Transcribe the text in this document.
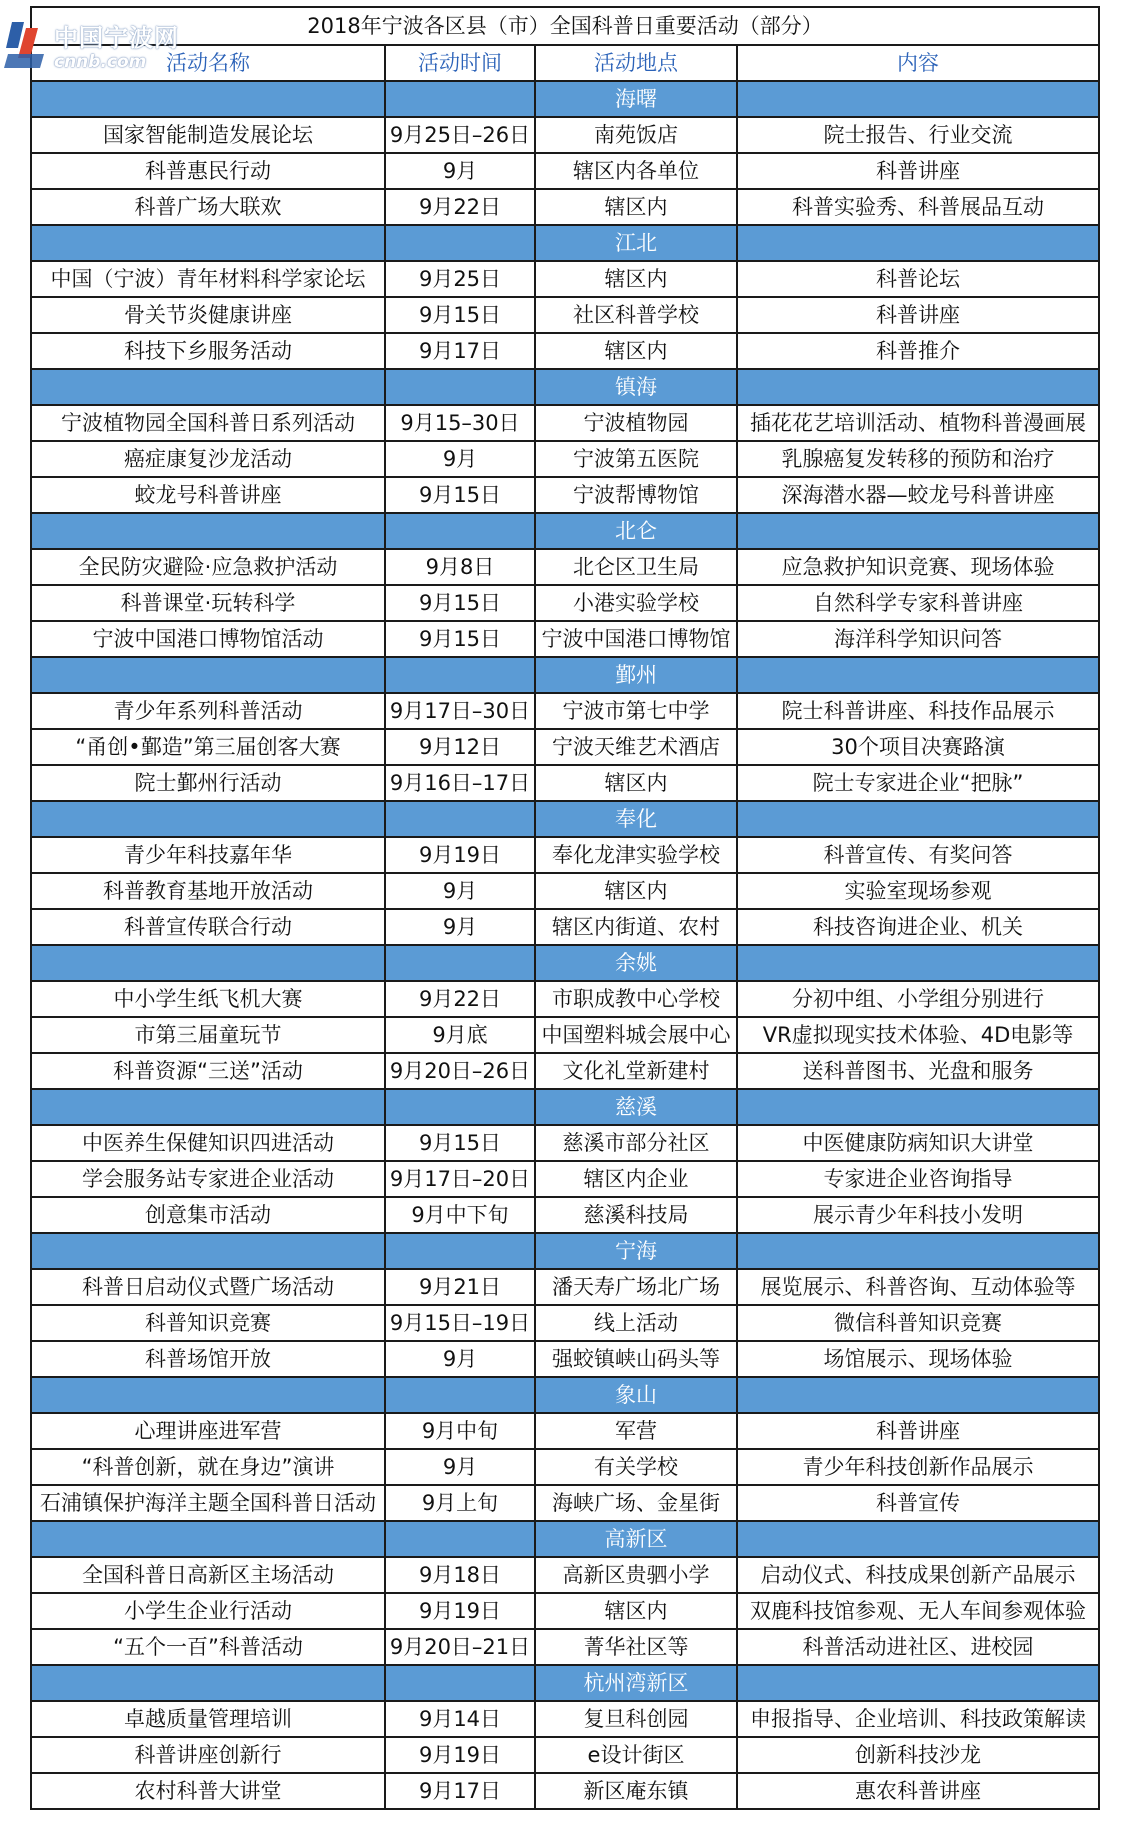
2018年宁波各区县（市）全国科普日重要活动（部分）			
活动名称	活动时间	活动地点	内容
		海曙	
国家智能制造发展论坛	9月25日–26日	南苑饭店	院士报告、行业交流
科普惠民行动	9月	辖区内各单位	科普讲座
科普广场大联欢	9月22日	辖区内	科普实验秀、科普展品互动
		江北	
中国（宁波）青年材料科学家论坛	9月25日	辖区内	科普论坛
骨关节炎健康讲座	9月15日	社区科普学校	科普讲座
科技下乡服务活动	9月17日	辖区内	科普推介
		镇海	
宁波植物园全国科普日系列活动	9月15–30日	宁波植物园	插花花艺培训活动、植物科普漫画展
癌症康复沙龙活动	9月	宁波第五医院	乳腺癌复发转移的预防和治疗
蛟龙号科普讲座	9月15日	宁波帮博物馆	深海潜水器—蛟龙号科普讲座
		北仑	
全民防灾避险·应急救护活动	9月8日	北仑区卫生局	应急救护知识竞赛、现场体验
科普课堂·玩转科学	9月15日	小港实验学校	自然科学专家科普讲座
宁波中国港口博物馆活动	9月15日	宁波中国港口博物馆	海洋科学知识问答
		鄞州	
青少年系列科普活动	9月17日–30日	宁波市第七中学	院士科普讲座、科技作品展示
“甬创•鄞造”第三届创客大赛	9月12日	宁波天维艺术酒店	30个项目决赛路演
院士鄞州行活动	9月16日–17日	辖区内	院士专家进企业“把脉”
		奉化	
青少年科技嘉年华	9月19日	奉化龙津实验学校	科普宣传、有奖问答
科普教育基地开放活动	9月	辖区内	实验室现场参观
科普宣传联合行动	9月	辖区内街道、农村	科技咨询进企业、机关
		余姚	
中小学生纸飞机大赛	9月22日	市职成教中心学校	分初中组、小学组分别进行
市第三届童玩节	9月底	中国塑料城会展中心	VR虚拟现实技术体验、4D电影等
科普资源“三送”活动	9月20日–26日	文化礼堂新建村	送科普图书、光盘和服务
		慈溪	
中医养生保健知识四进活动	9月15日	慈溪市部分社区	中医健康防病知识大讲堂
学会服务站专家进企业活动	9月17日–20日	辖区内企业	专家进企业咨询指导
创意集市活动	9月中下旬	慈溪科技局	展示青少年科技小发明
		宁海	
科普日启动仪式暨广场活动	9月21日	潘天寿广场北广场	展览展示、科普咨询、互动体验等
科普知识竞赛	9月15日–19日	线上活动	微信科普知识竞赛
科普场馆开放	9月	强蛟镇峡山码头等	场馆展示、现场体验
		象山	
心理讲座进军营	9月中旬	军营	科普讲座
“科普创新，就在身边”演讲	9月	有关学校	青少年科技创新作品展示
石浦镇保护海洋主题全国科普日活动	9月上旬	海峡广场、金星街	科普宣传
		高新区	
全国科普日高新区主场活动	9月18日	高新区贵驷小学	启动仪式、科技成果创新产品展示
小学生企业行活动	9月19日	辖区内	双鹿科技馆参观、无人车间参观体验
“五个一百”科普活动	9月20日–21日	菁华社区等	科普活动进社区、进校园
		杭州湾新区	
卓越质量管理培训	9月14日	复旦科创园	申报指导、企业培训、科技政策解读
科普讲座创新行	9月19日	e设计街区	创新科技沙龙
农村科普大讲堂	9月17日	新区庵东镇	惠农科普讲座
中国宁波网
cnnb.com
